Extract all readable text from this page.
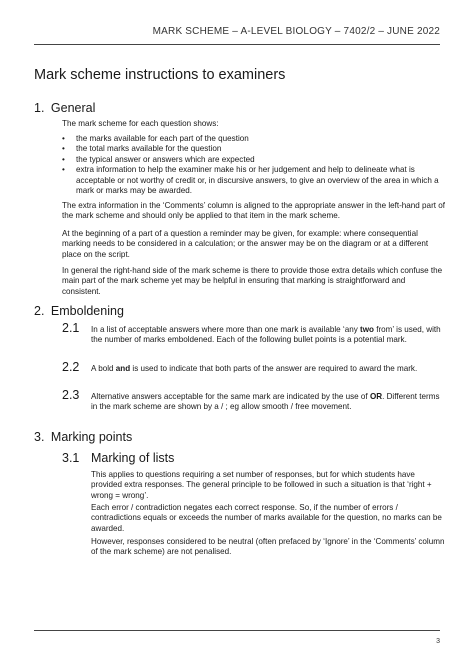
MARK SCHEME – A-LEVEL BIOLOGY – 7402/2 – JUNE 2022
Mark scheme instructions to examiners
1. General

The mark scheme for each question shows:

• the marks available for each part of the question
• the total marks available for the question
• the typical answer or answers which are expected
• extra information to help the examiner make his or her judgement and help to delineate what is acceptable or not worthy of credit or, in discursive answers, to give an overview of the area in which a mark or marks may be awarded.

The extra information in the ‘Comments’ column is aligned to the appropriate answer in the left-hand part of the mark scheme and should only be applied to that item in the mark scheme.

At the beginning of a part of a question a reminder may be given, for example: where consequential marking needs to be considered in a calculation; or the answer may be on the diagram or at a different place on the script.

In general the right-hand side of the mark scheme is there to provide those extra details which confuse the main part of the mark scheme yet may be helpful in ensuring that marking is straightforward and consistent.

2. Emboldening
2.1 In a list of acceptable answers where more than one mark is available ‘any two from’ is used, with the number of marks emboldened. Each of the following bullet points is a potential mark.

2.2 A bold and is used to indicate that both parts of the answer are required to award the mark.

2.3 Alternative answers acceptable for the same mark are indicated by the use of OR. Different terms in the mark scheme are shown by a / ; eg allow smooth / free movement.

3. Marking points
3.1 Marking of lists

This applies to questions requiring a set number of responses, but for which students have provided extra responses. The general principle to be followed in such a situation is that ‘right + wrong = wrong’.

Each error / contradiction negates each correct response. So, if the number of errors / contradictions equals or exceeds the number of marks available for the question, no marks can be awarded.

However, responses considered to be neutral (often prefaced by ‘Ignore’ in the ‘Comments’ column of the mark scheme) are not penalised.

3
